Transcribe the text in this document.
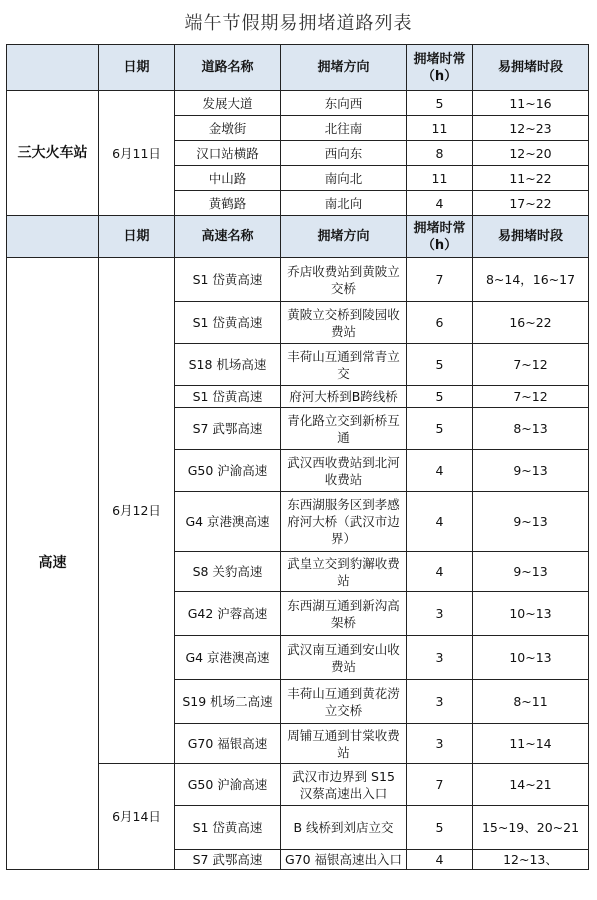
端午节假期易拥堵道路列表
	日期	道路名称	拥堵方向	拥堵时常（h）	易拥堵时段
三大火车站	6月11日	发展大道	东向西	5	11~16
		金墩街	北往南	11	12~23
		汉口站横路	西向东	8	12~20
		中山路	南向北	11	11~22
		黄鹤路	南北向	4	17~22
	日期	高速名称	拥堵方向	拥堵时常（h）	易拥堵时段
高速	6月12日	S1 岱黄高速	乔店收费站到黄陂立交桥	7	8~14，16~17
		S1 岱黄高速	黄陂立交桥到陵园收费站	6	16~22
		S18 机场高速	丰荷山互通到常青立交	5	7~12
		S1 岱黄高速	府河大桥到B跨线桥	5	7~12
		S7 武鄂高速	青化路立交到新桥互通	5	8~13
		G50 沪渝高速	武汉西收费站到北河收费站	4	9~13
		G4 京港澳高速	东西湖服务区到孝感府河大桥（武汉市边界）	4	9~13
		S8 关豹高速	武皇立交到豹澥收费站	4	9~13
		G42 沪蓉高速	东西湖互通到新沟高架桥	3	10~13
		G4 京港澳高速	武汉南互通到安山收费站	3	10~13
		S19 机场二高速	丰荷山互通到黄花涝立交桥	3	8~11
		G70 福银高速	周铺互通到甘棠收费站	3	11~14
	6月14日	G50 沪渝高速	武汉市边界到 S15 汉蔡高速出入口	7	14~21
		S1 岱黄高速	B 线桥到刘店立交	5	15~19、20~21
		S7 武鄂高速	G70 福银高速出入口	4	12~13、
